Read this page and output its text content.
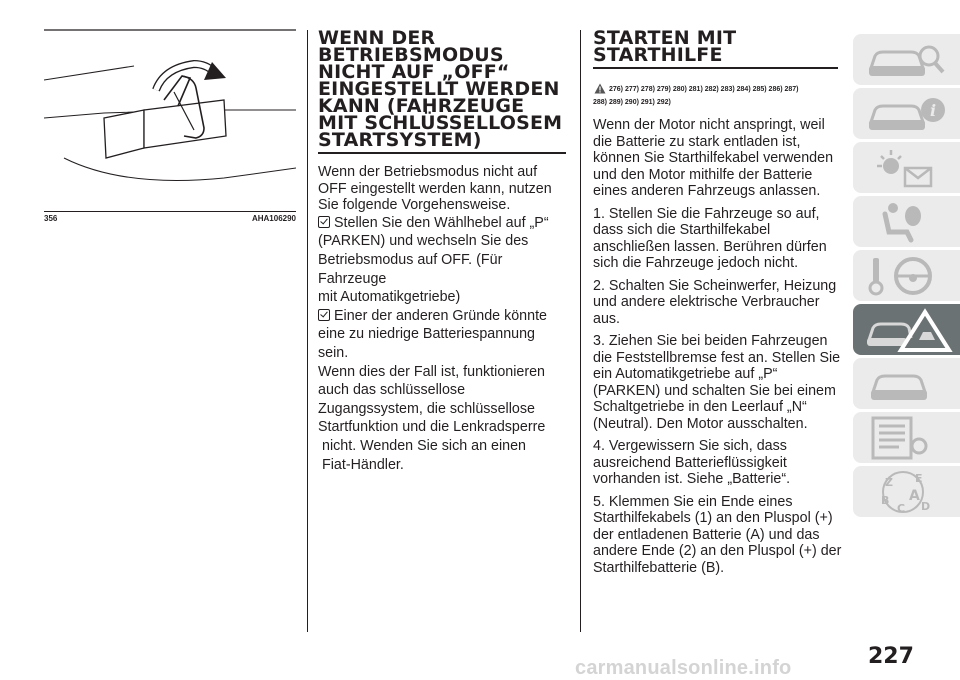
356	AHA106290
WENN DER BETRIEBSMODUS NICHT AUF „OFF“ EINGESTELLT WERDEN KANN (FAHRZEUGE MIT SCHLÜSSELLOSEM STARTSYSTEM)

Wenn der Betriebsmodus nicht auf OFF eingestellt werden kann, nutzen Sie folgende Vorgehensweise.

Stellen Sie den Wählhebel auf „P“
(PARKEN) und wechseln Sie des
Betriebsmodus auf OFF. (Für Fahrzeuge
mit Automatikgetriebe)
Einer der anderen Gründe könnte
eine zu niedrige Batteriespannung sein.
Wenn dies der Fall ist, funktionieren
auch das schlüssellose
Zugangssystem, die schlüssellose
Startfunktion und die Lenkradsperre
nicht. Wenden Sie sich an einen
Fiat-Händler.
STARTEN MIT STARTHILFE
276) 277) 278) 279) 280) 281) 282) 283) 284) 285) 286) 287)
288) 289) 290) 291) 292)

Wenn der Motor nicht anspringt, weil die Batterie zu stark entladen ist, können Sie Starthilfekabel verwenden und den Motor mithilfe der Batterie eines anderen Fahrzeugs anlassen.

1. Stellen Sie die Fahrzeuge so auf, dass sich die Starthilfekabel anschließen lassen. Berühren dürfen sich die Fahrzeuge jedoch nicht.

2. Schalten Sie Scheinwerfer, Heizung und andere elektrische Verbraucher aus.

3. Ziehen Sie bei beiden Fahrzeugen die Feststellbremse fest an. Stellen Sie ein Automatikgetriebe auf „P“ (PARKEN) und schalten Sie bei einem Schaltgetriebe in den Leerlauf „N“ (Neutral). Den Motor ausschalten.

4. Vergewissern Sie sich, dass ausreichend Batterieflüssigkeit vorhanden ist. Siehe „Batterie“.

5. Klemmen Sie ein Ende eines Starthilfekabels (1) an den Pluspol (+) der entladenen Batterie (A) und das andere Ende (2) an den Pluspol (+) der Starthilfebatterie (B).

i
Z E
B A
C D
227
carmanualsonline.info
